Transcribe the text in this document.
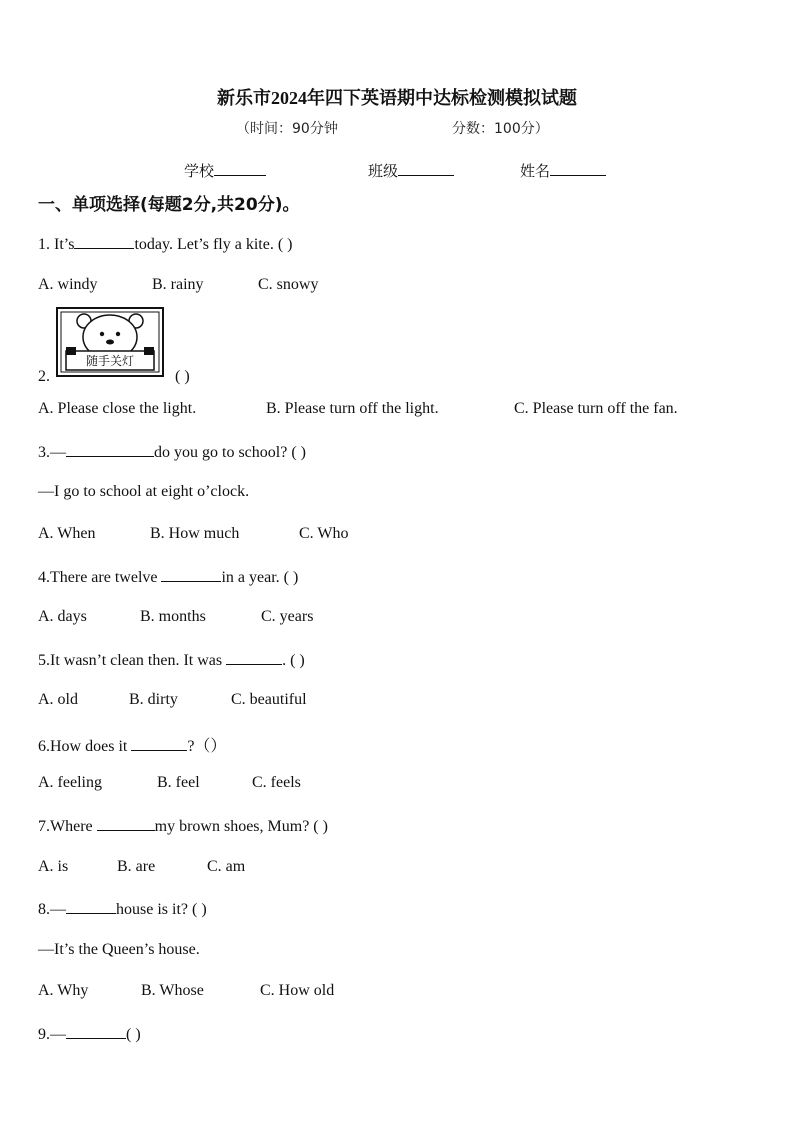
新乐市2024年四下英语期中达标检测模拟试题
（时间：90分钟	分数：100分）
学校	班级	姓名
一、单项选择(每题2分,共20分)。
1. It’s	today. Let’s fly a kite. ( )
A. windy	B. rainy	C. snowy
随手关灯
2.	( )
A. Please close the light.	B. Please turn off the light.	C. Please turn off the fan.
3.—	do you go to school? ( )
—I go to school at eight o’clock.
A. When	B. How much	C. Who
4.There are twelve	in a year. ( )
A. days	B. months	C. years
5.It wasn’t clean then. It was	. ( )
A. old	B. dirty	C. beautiful
6.How does it	?（）
A. feeling	B. feel	C. feels
7.Where	my brown shoes, Mum? ( )
A. is	B. are	C. am
8.—	house is it? ( )
—It’s the Queen’s house.
A. Why	B. Whose	C. How old
9.—	( )
